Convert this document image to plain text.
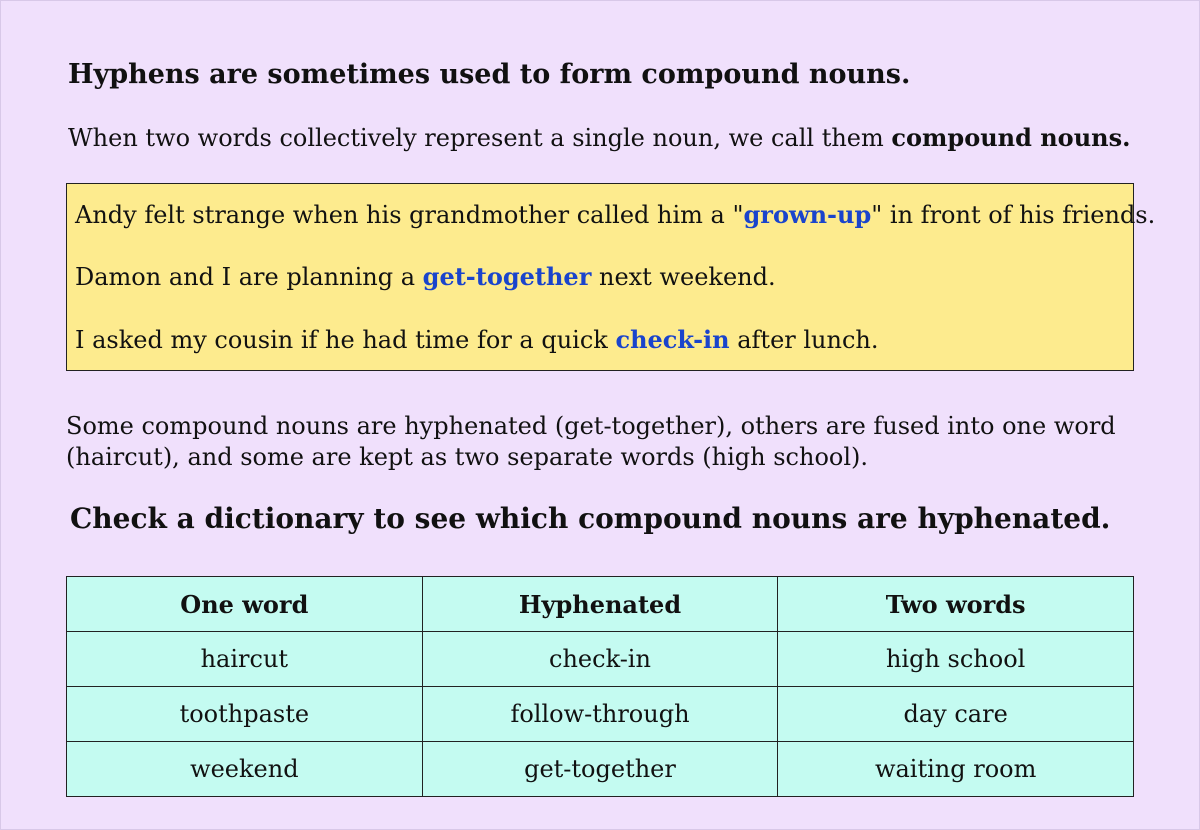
Hyphens are sometimes used to form compound nouns.

When two words collectively represent a single noun, we call them compound nouns.

Andy felt strange when his grandmother called him a "grown-up" in front of his friends.

Damon and I are planning a get-together next weekend.

I asked my cousin if he had time for a quick check-in after lunch.

Some compound nouns are hyphenated (get-together), others are fused into one word (haircut), and some are kept as two separate words (high school).

Check a dictionary to see which compound nouns are hyphenated.
One word	Hyphenated	Two words
haircut	check-in	high school
toothpaste	follow-through	day care
weekend	get-together	waiting room
